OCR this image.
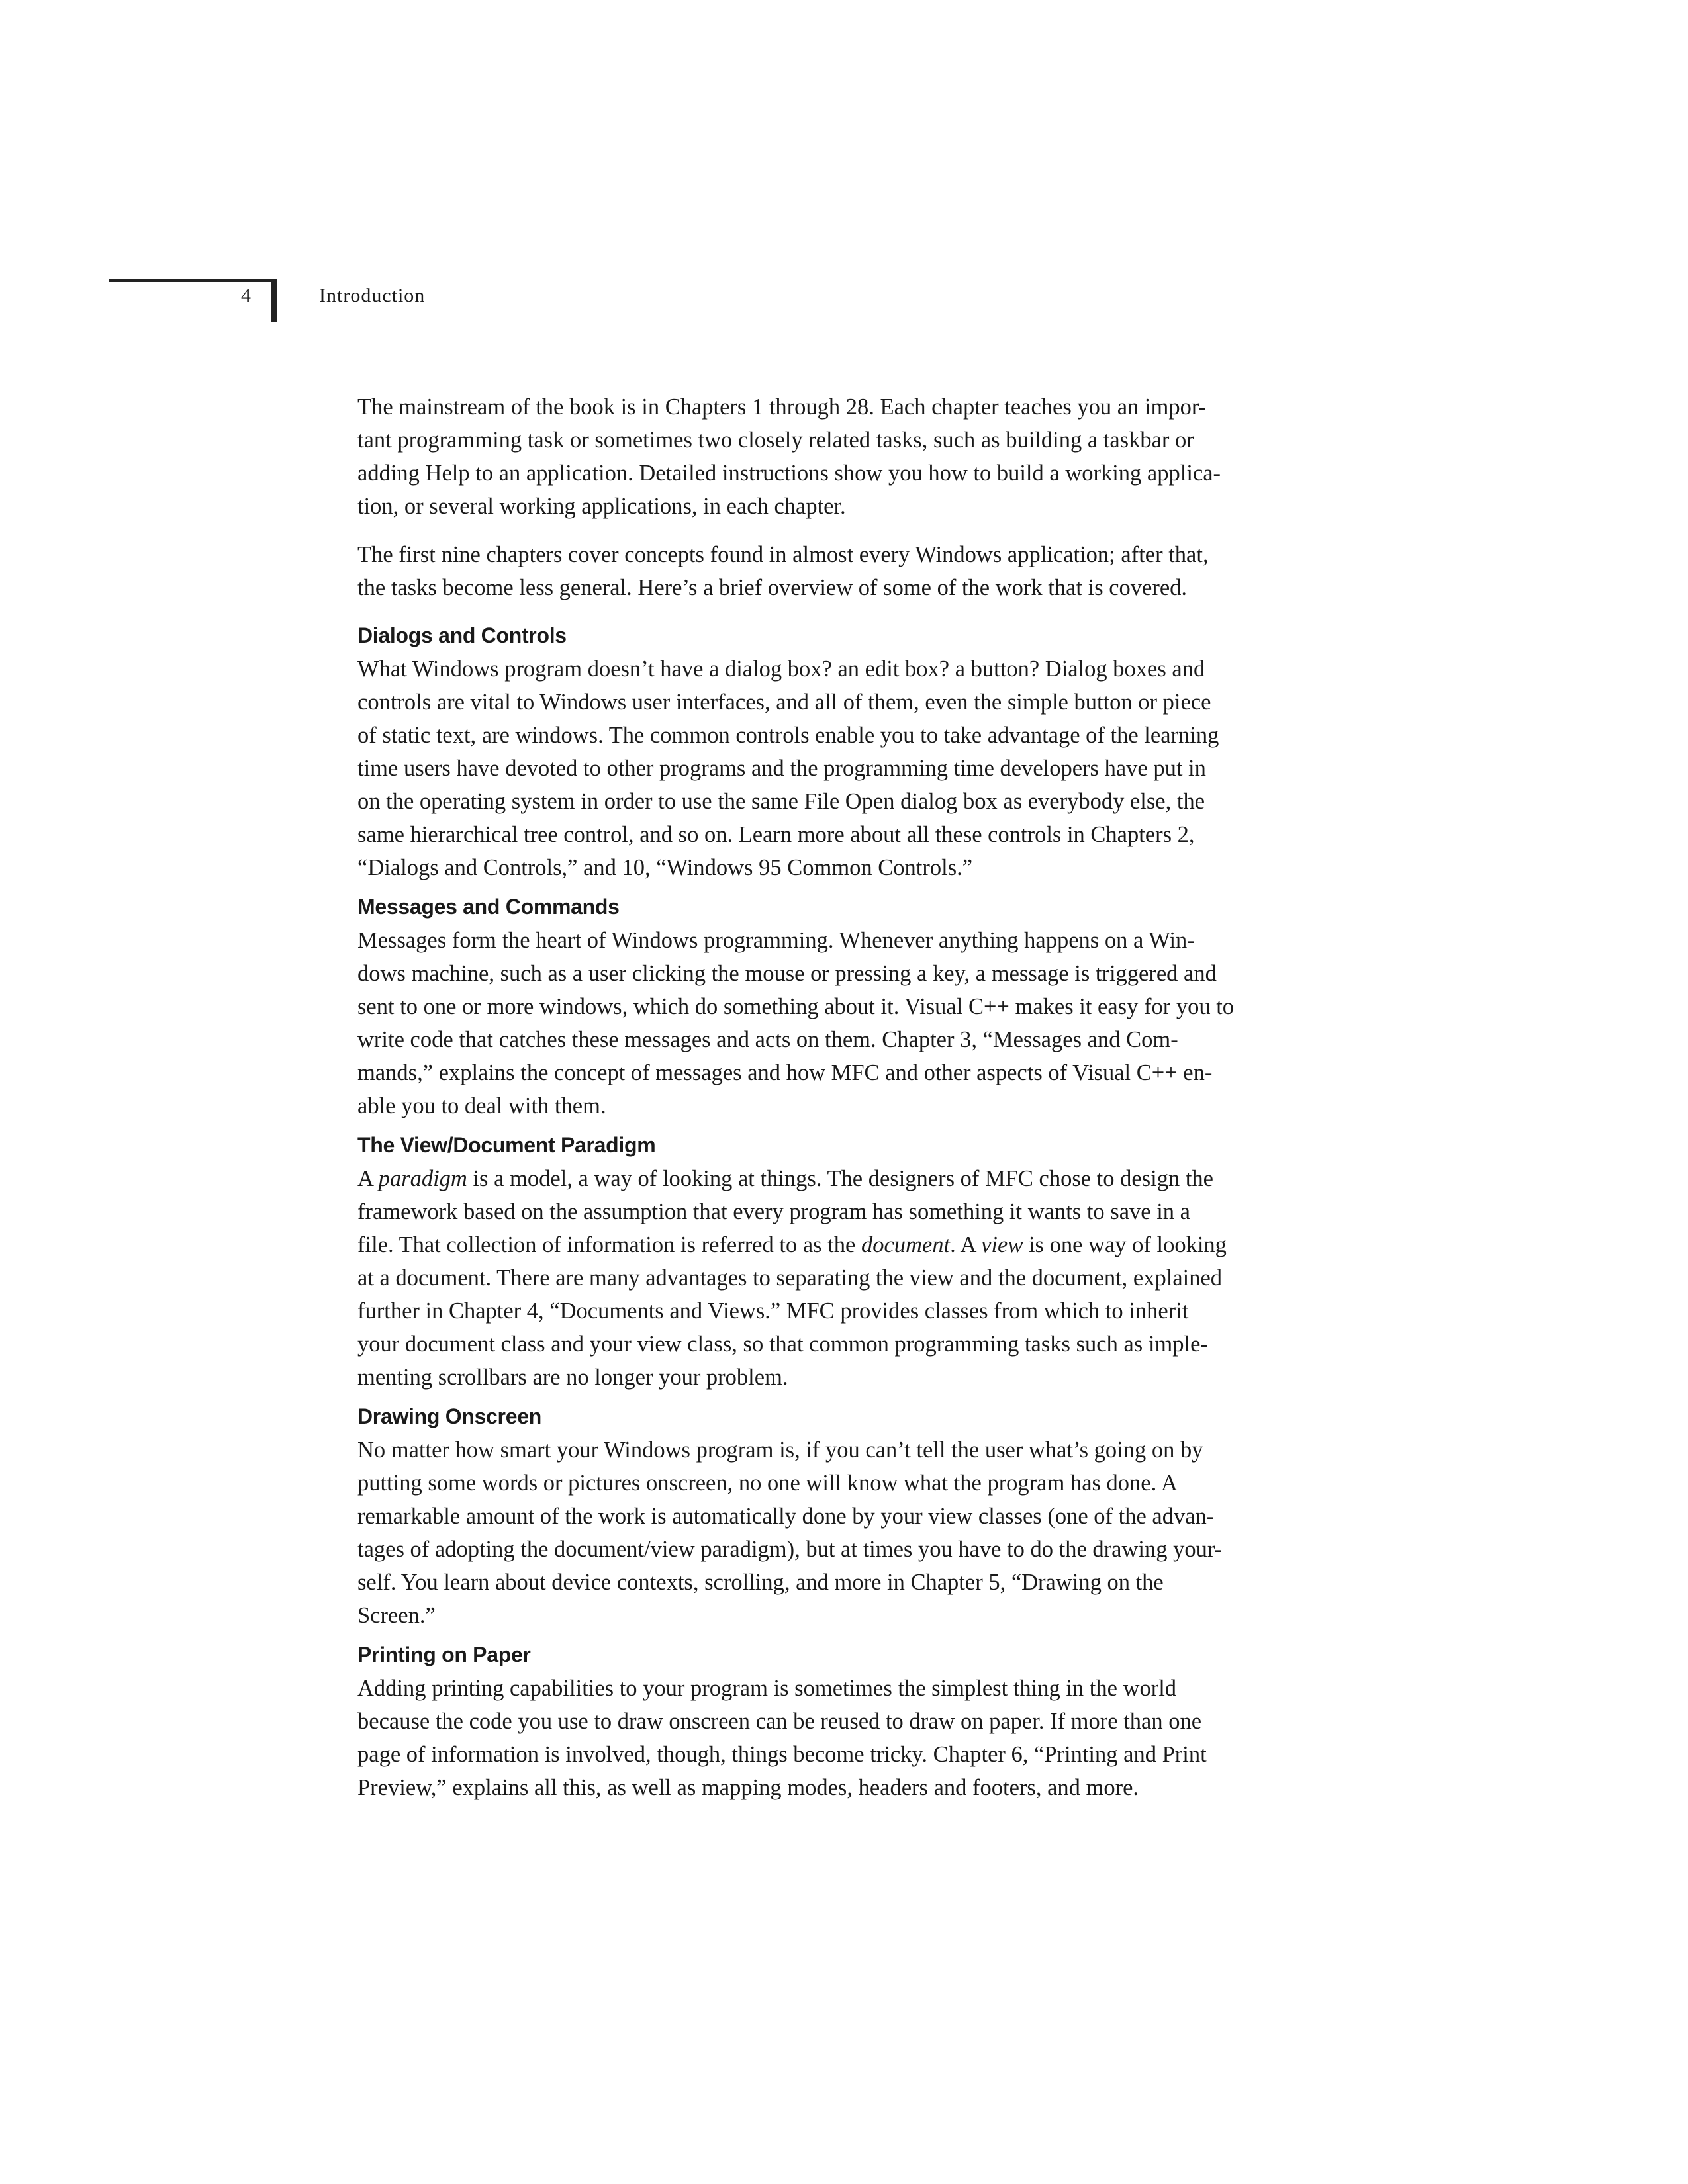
4	Introduction
The mainstream of the book is in Chapters 1 through 28. Each chapter teaches you an impor-
tant programming task or sometimes two closely related tasks, such as building a taskbar or
adding Help to an application. Detailed instructions show you how to build a working applica-
tion, or several working applications, in each chapter.
The first nine chapters cover concepts found in almost every Windows application; after that,
the tasks become less general. Here’s a brief overview of some of the work that is covered.
Dialogs and Controls
What Windows program doesn’t have a dialog box? an edit box? a button? Dialog boxes and
controls are vital to Windows user interfaces, and all of them, even the simple button or piece
of static text, are windows. The common controls enable you to take advantage of the learning
time users have devoted to other programs and the programming time developers have put in
on the operating system in order to use the same File Open dialog box as everybody else, the
same hierarchical tree control, and so on. Learn more about all these controls in Chapters 2,
“Dialogs and Controls,” and 10, “Windows 95 Common Controls.”
Messages and Commands
Messages form the heart of Windows programming. Whenever anything happens on a Win-
dows machine, such as a user clicking the mouse or pressing a key, a message is triggered and
sent to one or more windows, which do something about it. Visual C++ makes it easy for you to
write code that catches these messages and acts on them. Chapter 3, “Messages and Com-
mands,” explains the concept of messages and how MFC and other aspects of Visual C++ en-
able you to deal with them.
The View/Document Paradigm
A paradigm is a model, a way of looking at things. The designers of MFC chose to design the
framework based on the assumption that every program has something it wants to save in a
file. That collection of information is referred to as the document. A view is one way of looking
at a document. There are many advantages to separating the view and the document, explained
further in Chapter 4, “Documents and Views.” MFC provides classes from which to inherit
your document class and your view class, so that common programming tasks such as imple-
menting scrollbars are no longer your problem.
Drawing Onscreen
No matter how smart your Windows program is, if you can’t tell the user what’s going on by
putting some words or pictures onscreen, no one will know what the program has done. A
remarkable amount of the work is automatically done by your view classes (one of the advan-
tages of adopting the document/view paradigm), but at times you have to do the drawing your-
self. You learn about device contexts, scrolling, and more in Chapter 5, “Drawing on the
Screen.”
Printing on Paper
Adding printing capabilities to your program is sometimes the simplest thing in the world
because the code you use to draw onscreen can be reused to draw on paper. If more than one
page of information is involved, though, things become tricky. Chapter 6, “Printing and Print
Preview,” explains all this, as well as mapping modes, headers and footers, and more.
